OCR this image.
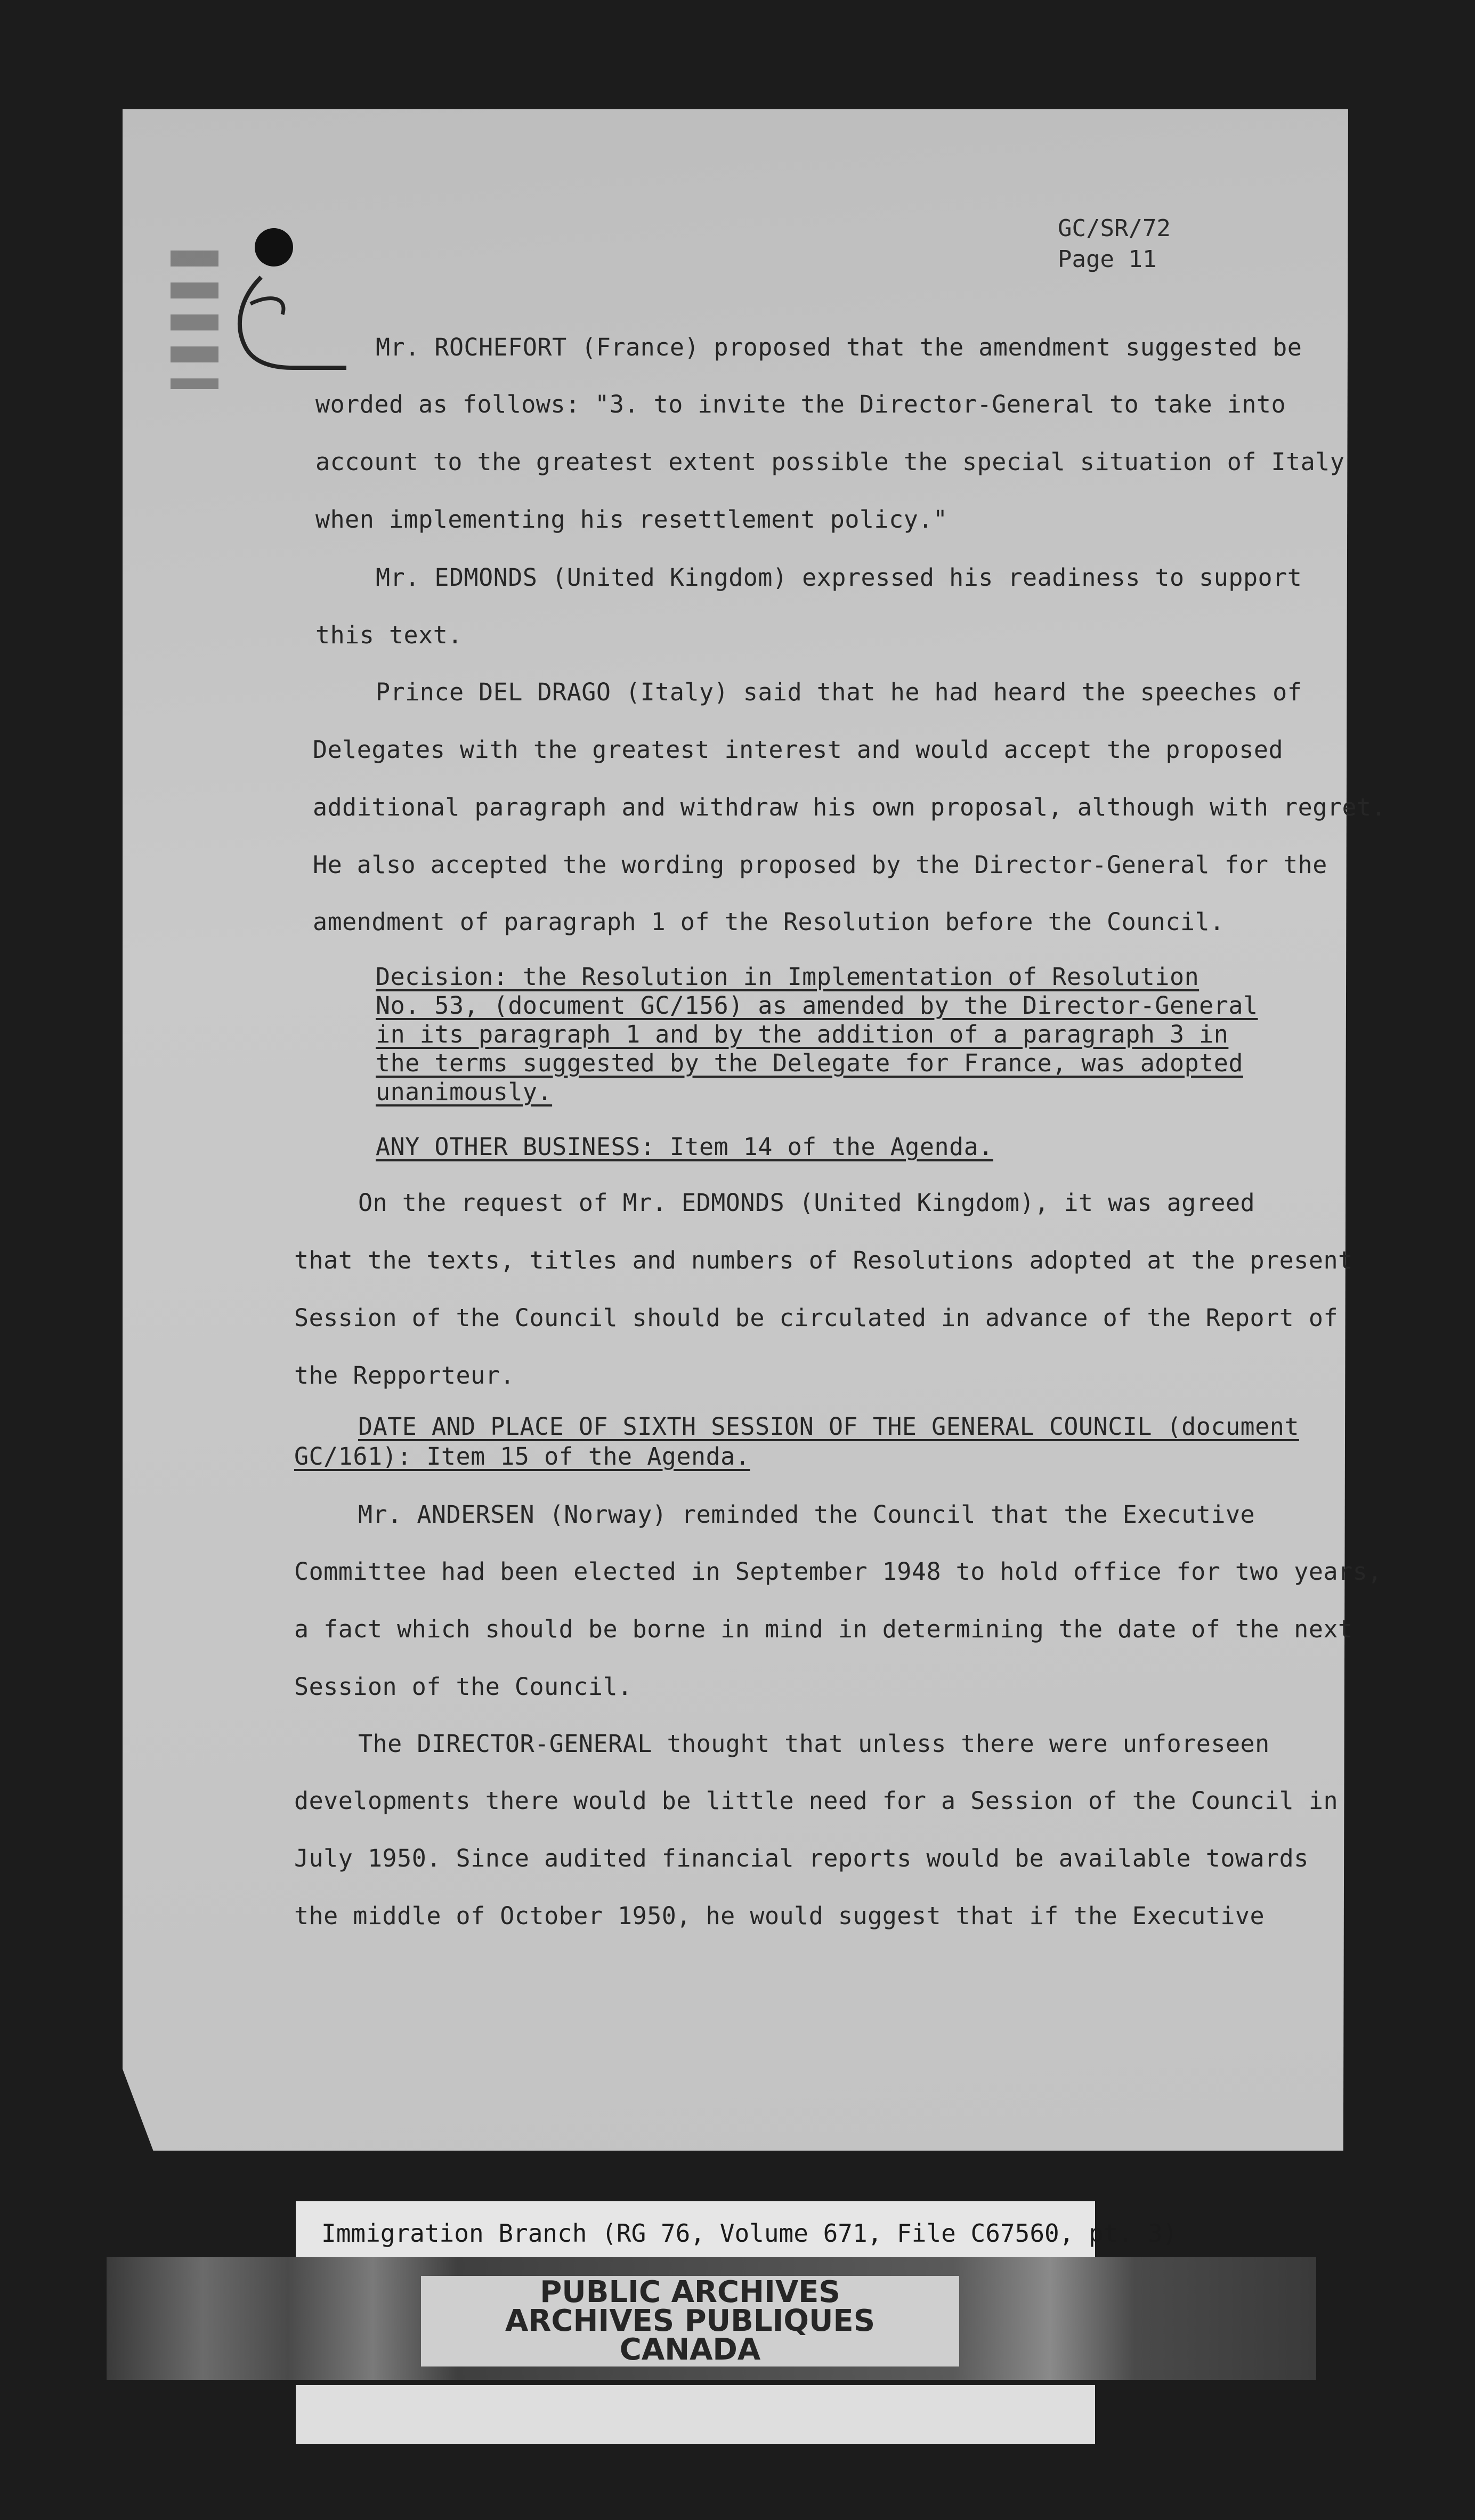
GC/SR/72
Page 11
Mr. ROCHEFORT (France) proposed that the amendment suggested be
worded as follows: "3. to invite the Director-General to take into
account to the greatest extent possible the special situation of Italy
when implementing his resettlement policy."
Mr. EDMONDS (United Kingdom) expressed his readiness to support
this text.
Prince DEL DRAGO (Italy) said that he had heard the speeches of
Delegates with the greatest interest and would accept the proposed
additional paragraph and withdraw his own proposal, although with regret.
He also accepted the wording proposed by the Director-General for the
amendment of paragraph 1 of the Resolution before the Council.
Decision: the Resolution in Implementation of Resolution
No. 53, (document GC/156) as amended by the Director-General
in its paragraph 1 and by the addition of a paragraph 3 in
the terms suggested by the Delegate for France, was adopted
unanimously.
ANY OTHER BUSINESS: Item 14 of the Agenda.
On the request of Mr. EDMONDS (United Kingdom), it was agreed
that the texts, titles and numbers of Resolutions adopted at the present
Session of the Council should be circulated in advance of the Report of
the Repporteur.
DATE AND PLACE OF SIXTH SESSION OF THE GENERAL COUNCIL (document
GC/161): Item 15 of the Agenda.
Mr. ANDERSEN (Norway) reminded the Council that the Executive
Committee had been elected in September 1948 to hold office for two years,
a fact which should be borne in mind in determining the date of the next
Session of the Council.
The DIRECTOR-GENERAL thought that unless there were unforeseen
developments there would be little need for a Session of the Council in
July 1950. Since audited financial reports would be available towards
the middle of October 1950, he would suggest that if the Executive
Immigration Branch (RG 76, Volume 671, File C67560, pt. 3)
PUBLIC ARCHIVES
ARCHIVES PUBLIQUES
CANADA
